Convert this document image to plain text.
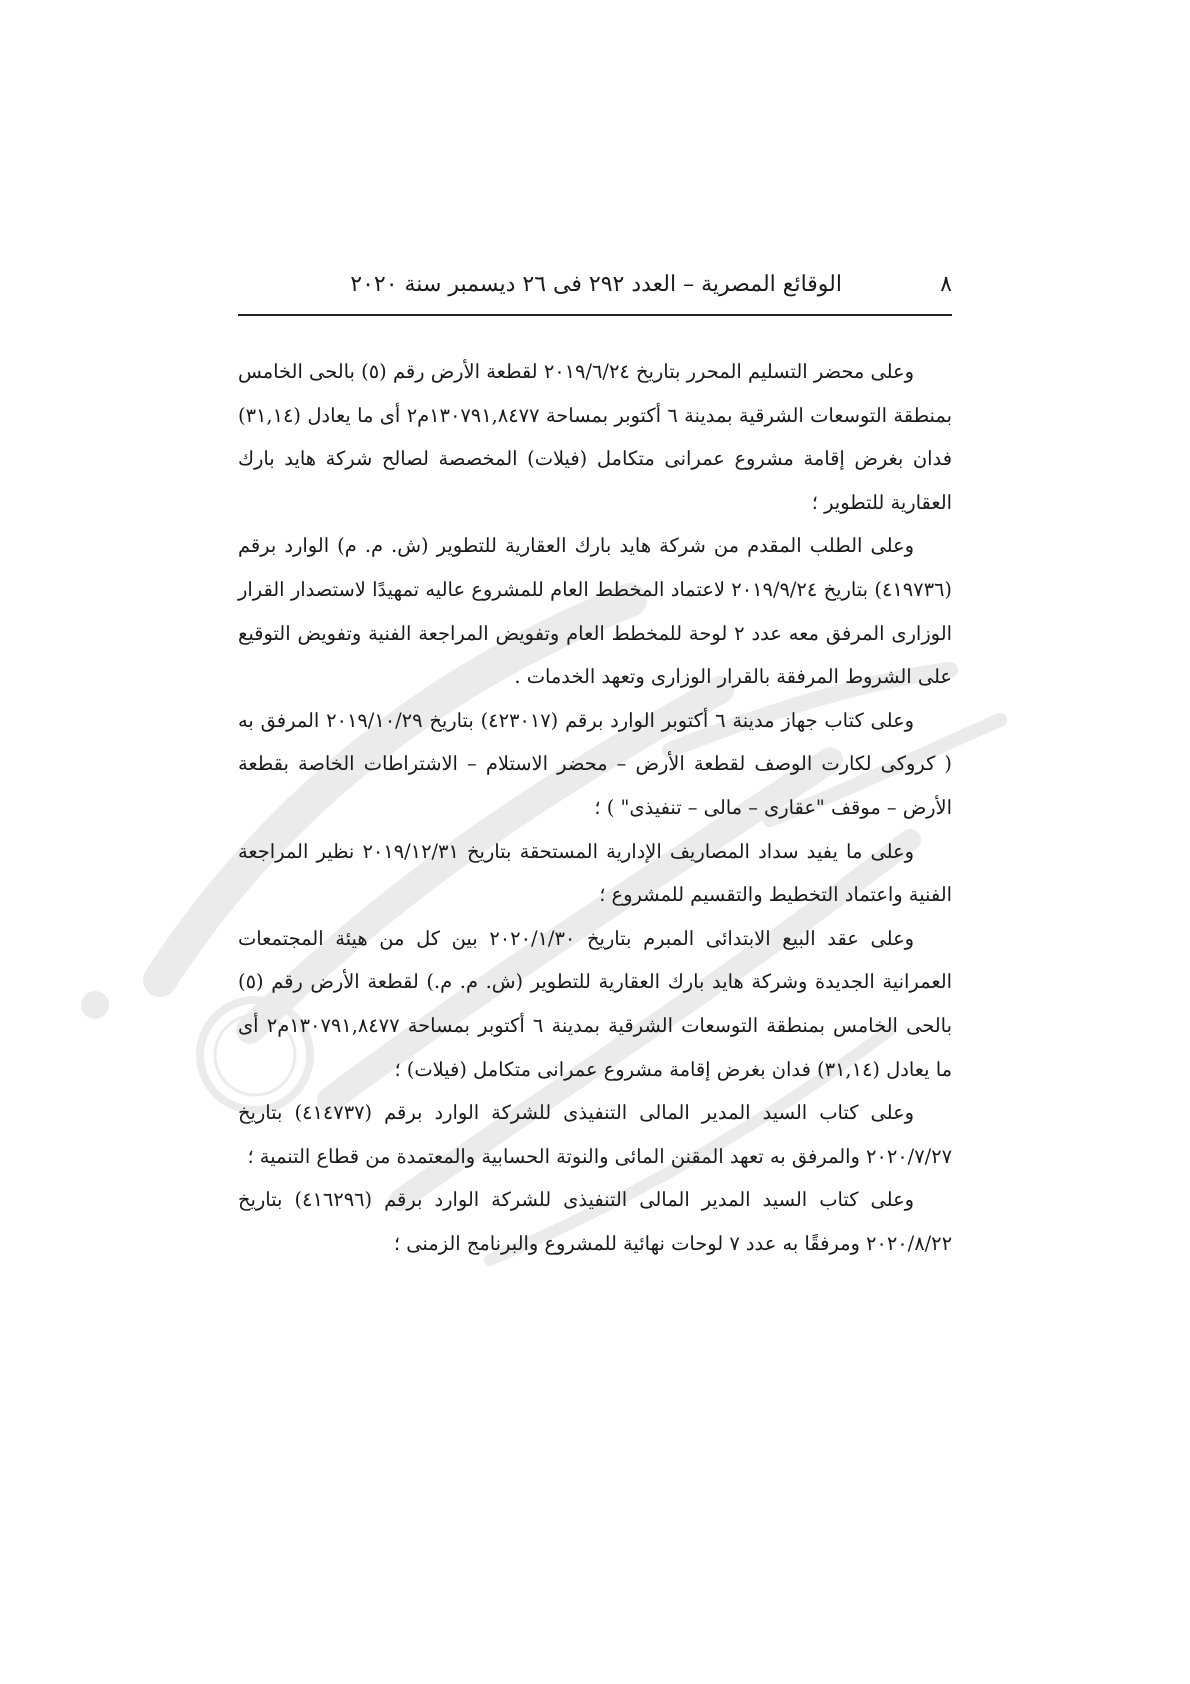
الوقائع المصرية – العدد ٢٩٢ فى ٢٦ ديسمبر سنة ٢٠٢٠	٨

وعلى محضر التسليم المحرر بتاريخ ٢٠١٩/٦/٢٤ لقطعة الأرض رقم (٥) بالحى الخامس بمنطقة التوسعات الشرقية بمدينة ٦ أكتوبر بمساحة ١٣٠٧٩١,٨٤٧٧م٢ أى ما يعادل (٣١,١٤) فدان بغرض إقامة مشروع عمرانى متكامل (فيلات) المخصصة لصالح شركة هايد بارك العقارية للتطوير ؛

وعلى الطلب المقدم من شركة هايد بارك العقارية للتطوير (ش. م. م) الوارد برقم (٤١٩٧٣٦) بتاريخ ٢٠١٩/٩/٢٤ لاعتماد المخطط العام للمشروع عاليه تمهيدًا لاستصدار القرار الوزارى المرفق معه عدد ٢ لوحة للمخطط العام وتفويض المراجعة الفنية وتفويض التوقيع على الشروط المرفقة بالقرار الوزارى وتعهد الخدمات .

وعلى كتاب جهاز مدينة ٦ أكتوبر الوارد برقم (٤٢٣٠١٧) بتاريخ ٢٠١٩/١٠/٢٩ المرفق به ( كروكى لكارت الوصف لقطعة الأرض – محضر الاستلام – الاشتراطات الخاصة بقطعة الأرض – موقف "عقارى – مالى – تنفيذى" ) ؛

وعلى ما يفيد سداد المصاريف الإدارية المستحقة بتاريخ ٢٠١٩/١٢/٣١ نظير المراجعة الفنية واعتماد التخطيط والتقسيم للمشروع ؛

وعلى عقد البيع الابتدائى المبرم بتاريخ ٢٠٢٠/١/٣٠ بين كل من هيئة المجتمعات العمرانية الجديدة وشركة هايد بارك العقارية للتطوير (ش. م. م.) لقطعة الأرض رقم (٥) بالحى الخامس بمنطقة التوسعات الشرقية بمدينة ٦ أكتوبر بمساحة ١٣٠٧٩١,٨٤٧٧م٢ أى ما يعادل (٣١,١٤) فدان بغرض إقامة مشروع عمرانى متكامل (فيلات) ؛

وعلى كتاب السيد المدير المالى التنفيذى للشركة الوارد برقم (٤١٤٧٣٧) بتاريخ ٢٠٢٠/٧/٢٧ والمرفق به تعهد المقنن المائى والنوتة الحسابية والمعتمدة من قطاع التنمية ؛

وعلى كتاب السيد المدير المالى التنفيذى للشركة الوارد برقم (٤١٦٢٩٦) بتاريخ ٢٠٢٠/٨/٢٢ ومرفقًا به عدد ٧ لوحات نهائية للمشروع والبرنامج الزمنى ؛
